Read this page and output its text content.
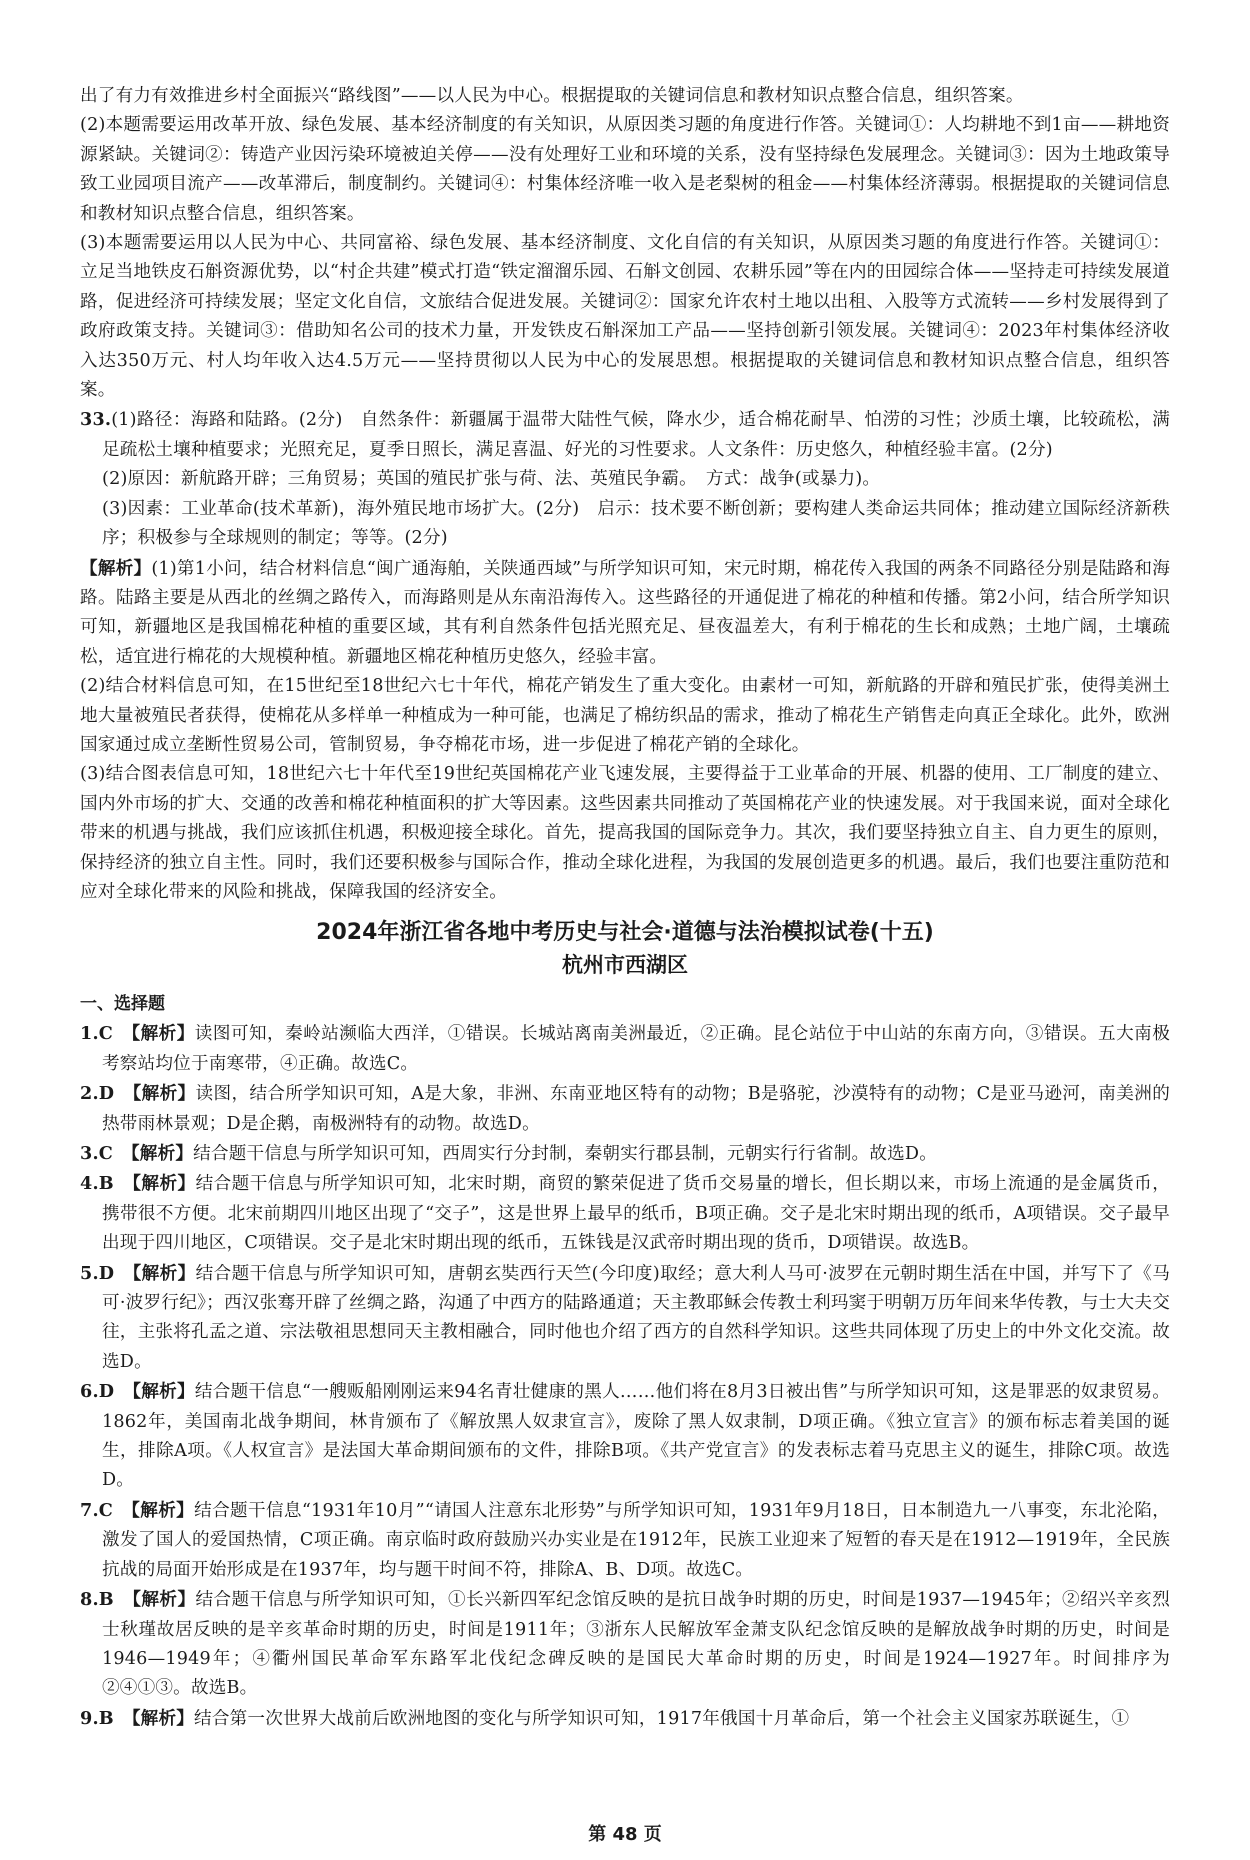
出了有力有效推进乡村全面振兴“路线图”——以人民为中心。根据提取的关键词信息和教材知识点整合信息，组织答案。

(2)本题需要运用改革开放、绿色发展、基本经济制度的有关知识，从原因类习题的角度进行作答。关键词①：人均耕地不到1亩——耕地资源紧缺。关键词②：铸造产业因污染环境被迫关停——没有处理好工业和环境的关系，没有坚持绿色发展理念。关键词③：因为土地政策导致工业园项目流产——改革滞后，制度制约。关键词④：村集体经济唯一收入是老梨树的租金——村集体经济薄弱。根据提取的关键词信息和教材知识点整合信息，组织答案。

(3)本题需要运用以人民为中心、共同富裕、绿色发展、基本经济制度、文化自信的有关知识，从原因类习题的角度进行作答。关键词①：立足当地铁皮石斛资源优势，以“村企共建”模式打造“铁定溜溜乐园、石斛文创园、农耕乐园”等在内的田园综合体——坚持走可持续发展道路，促进经济可持续发展；坚定文化自信，文旅结合促进发展。关键词②：国家允许农村土地以出租、入股等方式流转——乡村发展得到了政府政策支持。关键词③：借助知名公司的技术力量，开发铁皮石斛深加工产品——坚持创新引领发展。关键词④：2023年村集体经济收入达350万元、村人均年收入达4.5万元——坚持贯彻以人民为中心的发展思想。根据提取的关键词信息和教材知识点整合信息，组织答案。

33.(1)路径：海路和陆路。(2分)　自然条件：新疆属于温带大陆性气候，降水少，适合棉花耐旱、怕涝的习性；沙质土壤，比较疏松，满足疏松土壤种植要求；光照充足，夏季日照长，满足喜温、好光的习性要求。人文条件：历史悠久，种植经验丰富。(2分)

(2)原因：新航路开辟；三角贸易；英国的殖民扩张与荷、法、英殖民争霸。　方式：战争(或暴力)。

(3)因素：工业革命(技术革新)，海外殖民地市场扩大。(2分)　启示：技术要不断创新；要构建人类命运共同体；推动建立国际经济新秩序；积极参与全球规则的制定；等等。(2分)

【解析】(1)第1小问，结合材料信息“闽广通海舶，关陕通西域”与所学知识可知，宋元时期，棉花传入我国的两条不同路径分别是陆路和海路。陆路主要是从西北的丝绸之路传入，而海路则是从东南沿海传入。这些路径的开通促进了棉花的种植和传播。第2小问，结合所学知识可知，新疆地区是我国棉花种植的重要区域，其有利自然条件包括光照充足、昼夜温差大，有利于棉花的生长和成熟；土地广阔，土壤疏松，适宜进行棉花的大规模种植。新疆地区棉花种植历史悠久，经验丰富。

(2)结合材料信息可知，在15世纪至18世纪六七十年代，棉花产销发生了重大变化。由素材一可知，新航路的开辟和殖民扩张，使得美洲土地大量被殖民者获得，使棉花从多样单一种植成为一种可能，也满足了棉纺织品的需求，推动了棉花生产销售走向真正全球化。此外，欧洲国家通过成立垄断性贸易公司，管制贸易，争夺棉花市场，进一步促进了棉花产销的全球化。

(3)结合图表信息可知，18世纪六七十年代至19世纪英国棉花产业飞速发展，主要得益于工业革命的开展、机器的使用、工厂制度的建立、国内外市场的扩大、交通的改善和棉花种植面积的扩大等因素。这些因素共同推动了英国棉花产业的快速发展。对于我国来说，面对全球化带来的机遇与挑战，我们应该抓住机遇，积极迎接全球化。首先，提高我国的国际竞争力。其次，我们要坚持独立自主、自力更生的原则，保持经济的独立自主性。同时，我们还要积极参与国际合作，推动全球化进程，为我国的发展创造更多的机遇。最后，我们也要注重防范和应对全球化带来的风险和挑战，保障我国的经济安全。

2024年浙江省各地中考历史与社会·道德与法治模拟试卷(十五)
杭州市西湖区
一、选择题

1.C　 【解析】读图可知，秦岭站濒临大西洋，①错误。长城站离南美洲最近，②正确。昆仑站位于中山站的东南方向，③错误。五大南极考察站均位于南寒带，④正确。故选C。

2.D　 【解析】读图，结合所学知识可知，A是大象，非洲、东南亚地区特有的动物；B是骆驼，沙漠特有的动物；C是亚马逊河，南美洲的热带雨林景观；D是企鹅，南极洲特有的动物。故选D。

3.C　 【解析】结合题干信息与所学知识可知，西周实行分封制，秦朝实行郡县制，元朝实行行省制。故选D。

4.B　 【解析】结合题干信息与所学知识可知，北宋时期，商贸的繁荣促进了货币交易量的增长，但长期以来，市场上流通的是金属货币，携带很不方便。北宋前期四川地区出现了“交子”，这是世界上最早的纸币，B项正确。交子是北宋时期出现的纸币，A项错误。交子最早出现于四川地区，C项错误。交子是北宋时期出现的纸币，五铢钱是汉武帝时期出现的货币，D项错误。故选B。

5.D　 【解析】结合题干信息与所学知识可知，唐朝玄奘西行天竺(今印度)取经；意大利人马可·波罗在元朝时期生活在中国，并写下了《马可·波罗行纪》；西汉张骞开辟了丝绸之路，沟通了中西方的陆路通道；天主教耶稣会传教士利玛窦于明朝万历年间来华传教，与士大夫交往，主张将孔孟之道、宗法敬祖思想同天主教相融合，同时他也介绍了西方的自然科学知识。这些共同体现了历史上的中外文化交流。故选D。

6.D　 【解析】结合题干信息“一艘贩船刚刚运来94名青壮健康的黑人……他们将在8月3日被出售”与所学知识可知，这是罪恶的奴隶贸易。1862年，美国南北战争期间，林肯颁布了《解放黑人奴隶宣言》，废除了黑人奴隶制，D项正确。《独立宣言》的颁布标志着美国的诞生，排除A项。《人权宣言》是法国大革命期间颁布的文件，排除B项。《共产党宣言》的发表标志着马克思主义的诞生，排除C项。故选D。

7.C　 【解析】结合题干信息“1931年10月”“请国人注意东北形势”与所学知识可知，1931年9月18日，日本制造九一八事变，东北沦陷，激发了国人的爱国热情，C项正确。南京临时政府鼓励兴办实业是在1912年，民族工业迎来了短暂的春天是在1912—1919年，全民族抗战的局面开始形成是在1937年，均与题干时间不符，排除A、B、D项。故选C。

8.B　 【解析】结合题干信息与所学知识可知，①长兴新四军纪念馆反映的是抗日战争时期的历史，时间是1937—1945年；②绍兴辛亥烈士秋瑾故居反映的是辛亥革命时期的历史，时间是1911年；③浙东人民解放军金萧支队纪念馆反映的是解放战争时期的历史，时间是1946—1949年；④衢州国民革命军东路军北伐纪念碑反映的是国民大革命时期的历史，时间是1924—1927年。时间排序为②④①③。故选B。

9.B　 【解析】结合第一次世界大战前后欧洲地图的变化与所学知识可知，1917年俄国十月革命后，第一个社会主义国家苏联诞生，①

第 48 页
